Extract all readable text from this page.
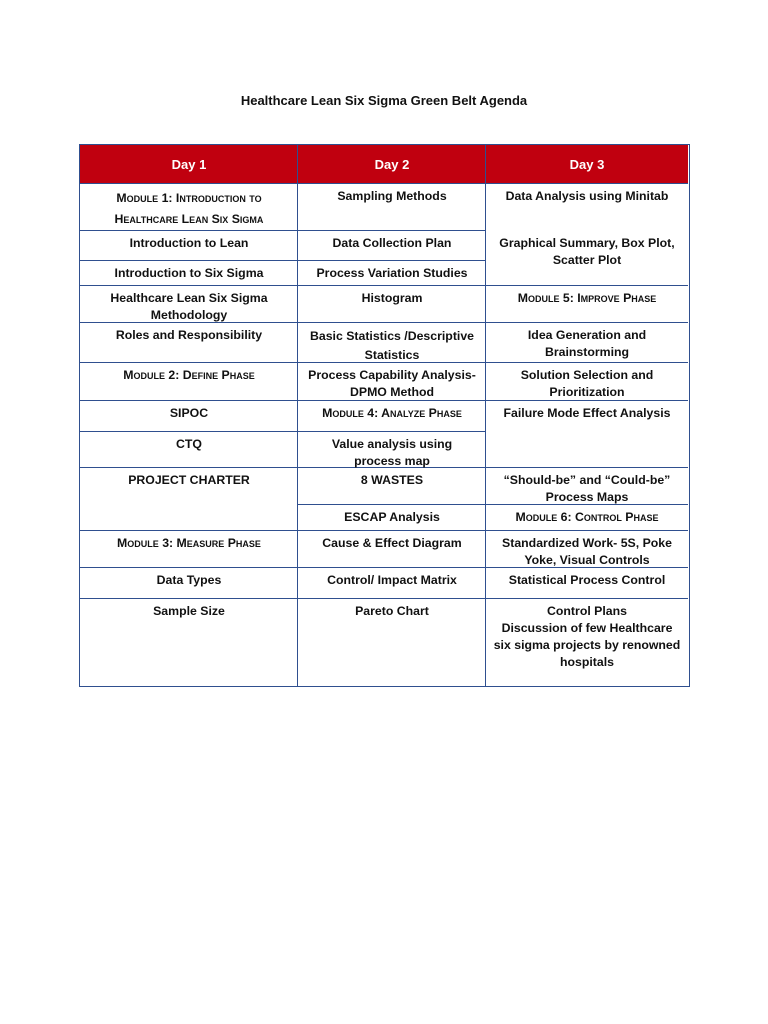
Healthcare Lean Six Sigma Green Belt Agenda
Day 1	Day 2	Day 3
Module 1: Introduction to Healthcare Lean Six Sigma
Introduction to Lean
Introduction to Six Sigma
Healthcare Lean Six Sigma Methodology
Roles and Responsibility
Module 2: Define Phase
SIPOC
CTQ
PROJECT CHARTER
Module 3: Measure Phase
Data Types
Sample Size
Sampling Methods
Data Collection Plan
Process Variation Studies
Histogram
Basic Statistics /Descriptive Statistics
Process Capability Analysis- DPMO Method
Module 4: Analyze Phase
Value analysis using process map
8 WASTES
ESCAP Analysis
Cause & Effect Diagram
Control/ Impact Matrix
Pareto Chart
Data Analysis using Minitab
Graphical Summary, Box Plot, Scatter Plot
Module 5: Improve Phase
Idea Generation and Brainstorming
Solution Selection and Prioritization
Failure Mode Effect Analysis
“Should-be” and “Could-be” Process Maps
Module 6: Control Phase
Standardized Work- 5S, Poke Yoke, Visual Controls
Statistical Process Control
Control Plans
Discussion of few Healthcare six sigma projects by renowned hospitals
